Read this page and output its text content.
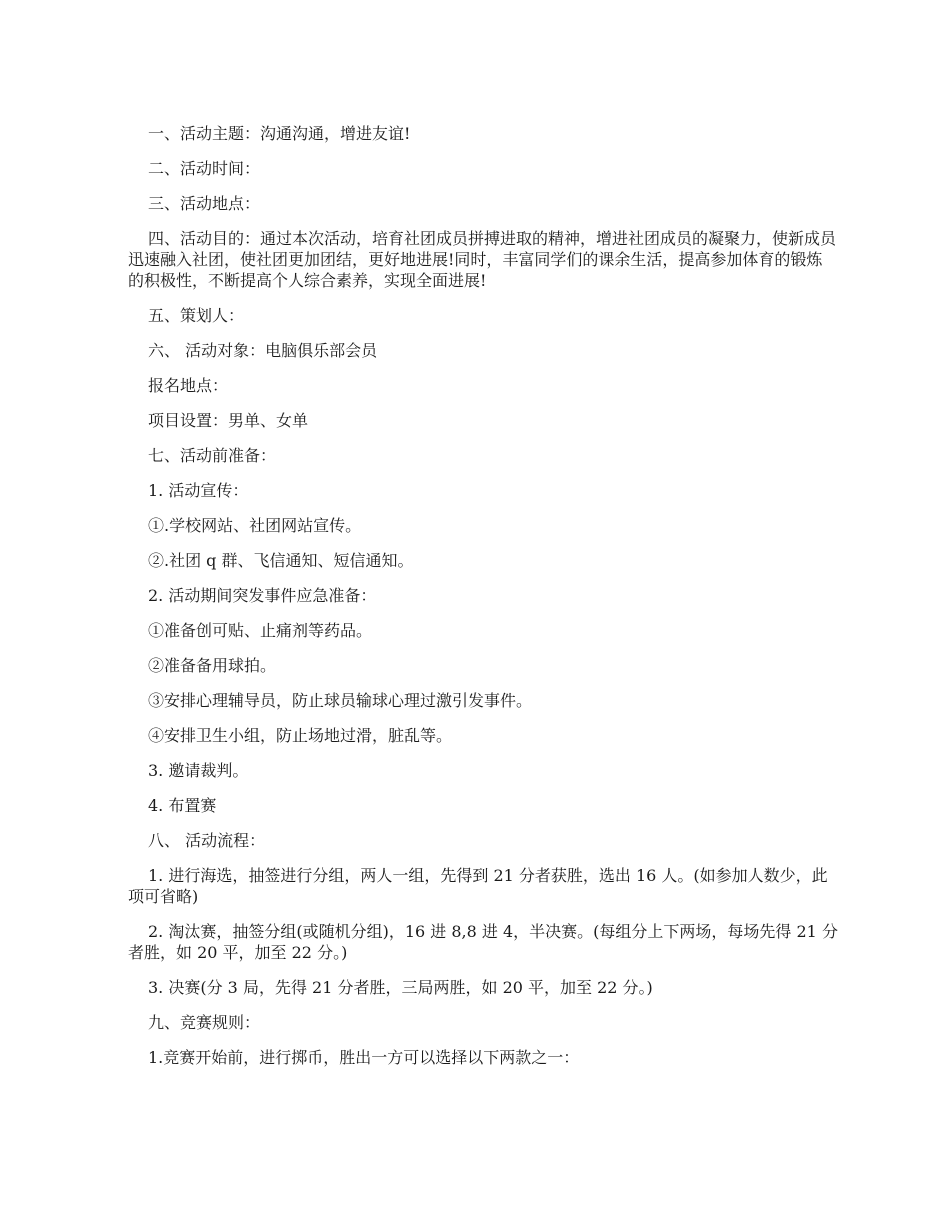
一、活动主题：沟通沟通，增进友谊!

二、活动时间：

三、活动地点：

四、活动目的：通过本次活动，培育社团成员拼搏进取的精神，增进社团成员的凝聚力，使新成员迅速融入社团，使社团更加团结，更好地进展!同时，丰富同学们的课余生活，提高参加体育的锻炼的积极性，不断提高个人综合素养，实现全面进展!

五、策划人：

六、 活动对象：电脑俱乐部会员

报名地点：

项目设置：男单、女单

七、活动前准备：

1. 活动宣传：

①.学校网站、社团网站宣传。

②.社团 q 群、飞信通知、短信通知。

2. 活动期间突发事件应急准备：

①准备创可贴、止痛剂等药品。

②准备备用球拍。

③安排心理辅导员，防止球员输球心理过激引发事件。

④安排卫生小组，防止场地过滑，脏乱等。

3. 邀请裁判。

4. 布置赛

八、 活动流程：

1. 进行海选，抽签进行分组，两人一组，先得到 21 分者获胜，选出 16 人。(如参加人数少，此项可省略)

2. 淘汰赛，抽签分组(或随机分组)，16 进 8,8 进 4，半决赛。(每组分上下两场，每场先得 21 分者胜，如 20 平，加至 22 分。)

3. 决赛(分 3 局，先得 21 分者胜，三局两胜，如 20 平，加至 22 分。)

九、竞赛规则：

1.竞赛开始前，进行掷币，胜出一方可以选择以下两款之一：
